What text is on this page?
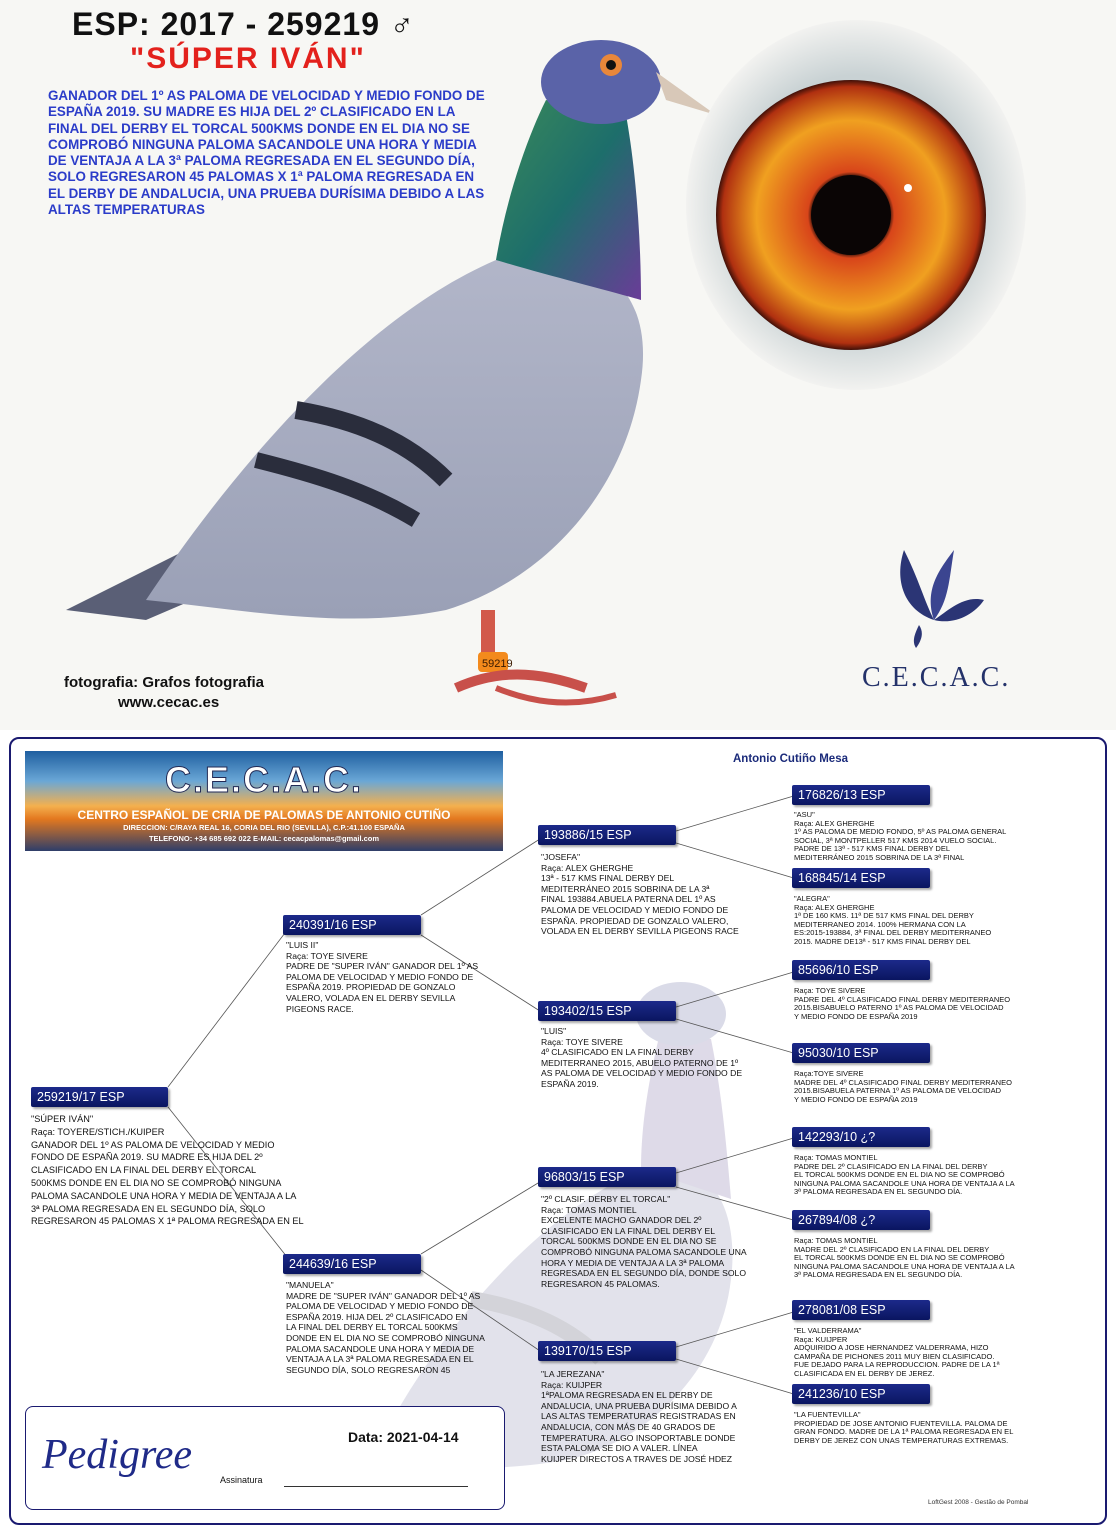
ESP: 2017 - 259219 ♂
"SÚPER IVÁN"
GANADOR DEL 1º AS PALOMA DE VELOCIDAD Y MEDIO FONDO DE ESPAÑA 2019. SU MADRE ES HIJA DEL 2º CLASIFICADO EN LA FINAL DEL DERBY EL TORCAL 500KMS DONDE EN EL DIA NO SE COMPROBÓ NINGUNA PALOMA SACANDOLE UNA HORA Y MEDIA DE VENTAJA A LA 3ª PALOMA REGRESADA EN EL SEGUNDO DÍA, SOLO REGRESARON 45 PALOMAS X 1ª PALOMA REGRESADA EN EL DERBY DE ANDALUCIA, UNA PRUEBA DURÍSIMA DEBIDO A LAS ALTAS TEMPERATURAS
59219
fotografia: Grafos fotografia
www.cecac.es
C.E.C.A.C.
C.E.C.A.C.
CENTRO ESPAÑOL DE CRIA DE PALOMAS DE ANTONIO CUTIÑO
DIRECCION: C/RAYA REAL 16, CORIA DEL RIO (SEVILLA), C.P.:41.100 ESPAÑA
TELEFONO: +34 685 692 022 E-MAIL: cecacpalomas@gmail.com
Antonio Cutiño Mesa
259219/17 ESP
"SÚPER IVÁN"
Raça: TOYERE/STICH./KUIPER
GANADOR DEL 1º AS PALOMA DE VELOCIDAD Y MEDIO
FONDO DE ESPAÑA 2019. SU MADRE ES HIJA DEL 2º
CLASIFICADO EN LA FINAL DEL DERBY EL TORCAL
500KMS DONDE EN EL DIA NO SE COMPROBÓ NINGUNA
PALOMA SACANDOLE UNA HORA Y MEDIA DE VENTAJA A LA
3ª PALOMA REGRESADA EN EL SEGUNDO DÍA, SOLO
REGRESARON 45 PALOMAS X 1ª PALOMA REGRESADA EN EL
240391/16 ESP
"LUIS II"
Raça: TOYE SIVERE
PADRE DE "SUPER IVÁN" GANADOR DEL 1º AS
PALOMA DE VELOCIDAD Y MEDIO FONDO DE
ESPAÑA 2019. PROPIEDAD DE GONZALO
VALERO, VOLADA EN EL DERBY SEVILLA
PIGEONS RACE.
244639/16 ESP
"MANUELA"
MADRE DE "SUPER IVÁN" GANADOR DEL 1º AS
PALOMA DE VELOCIDAD Y MEDIO FONDO DE
ESPAÑA 2019. HIJA DEL 2º CLASIFICADO EN
LA FINAL DEL DERBY EL TORCAL 500KMS
DONDE EN EL DIA NO SE COMPROBÓ NINGUNA
PALOMA SACANDOLE UNA HORA Y MEDIA DE
VENTAJA A LA 3ª PALOMA REGRESADA EN EL
SEGUNDO DÍA, SOLO REGRESARON 45
193886/15 ESP
"JOSEFA"
Raça: ALEX GHERGHE
13ª - 517 KMS FINAL DERBY DEL
MEDITERRÁNEO 2015 SOBRINA DE LA 3ª
FINAL 193884.ABUELA PATERNA DEL 1º AS
PALOMA DE VELOCIDAD Y MEDIO FONDO DE
ESPAÑA. PROPIEDAD DE GONZALO VALERO,
VOLADA EN EL DERBY SEVILLA PIGEONS RACE
193402/15 ESP
"LUIS"
Raça: TOYE SIVERE
4º CLASIFICADO EN LA FINAL DERBY
MEDITERRANEO 2015, ABUELO PATERNO DE 1º
AS PALOMA DE VELOCIDAD Y MEDIO FONDO DE
ESPAÑA 2019.
96803/15 ESP
"2º CLASIF. DERBY EL TORCAL"
Raça: TOMAS MONTIEL
EXCELENTE MACHO GANADOR DEL 2º
CLASIFICADO EN LA FINAL DEL DERBY EL
TORCAL 500KMS DONDE EN EL DIA NO SE
COMPROBÓ NINGUNA PALOMA SACANDOLE UNA
HORA Y MEDIA DE VENTAJA A LA 3ª PALOMA
REGRESADA EN EL SEGUNDO DÍA, DONDE SOLO
REGRESARON 45 PALOMAS.
139170/15 ESP
"LA JEREZANA"
Raça: KUIJPER
1ªPALOMA REGRESADA EN EL DERBY DE
ANDALUCIA, UNA PRUEBA DURÍSIMA DEBIDO A
LAS ALTAS TEMPERATURAS REGISTRADAS EN
ANDALUCIA, CON MÁS DE 40 GRADOS DE
TEMPERATURA. ALGO INSOPORTABLE DONDE
ESTA PALOMA SE DIO A VALER. LÍNEA
KUIJPER DIRECTOS A TRAVES DE JOSÉ HDEZ
176826/13 ESP
"ASU"
Raça: ALEX GHERGHE
1º AS PALOMA DE MEDIO FONDO, 5º AS PALOMA GENERAL
SOCIAL, 3ª MONTPELLER 517 KMS 2014 VUELO SOCIAL.
PADRE DE 13ª - 517 KMS FINAL DERBY DEL
MEDITERRÁNEO 2015 SOBRINA DE LA 3ª FINAL
168845/14 ESP
"ALEGRA"
Raça: ALEX GHERGHE
1ª DE 160 KMS. 11ª DE 517 KMS FINAL DEL DERBY
MEDITERRANEO 2014. 100% HERMANA CON LA
ES:2015-193884, 3ª FINAL DEL DERBY MEDITERRANEO
2015. MADRE DE13ª - 517 KMS FINAL DERBY DEL
85696/10 ESP
Raça: TOYE SIVERE
PADRE DEL 4º CLASIFICADO FINAL DERBY MEDITERRANEO
2015.BISABUELO PATERNO 1º AS PALOMA DE VELOCIDAD
Y MEDIO FONDO DE ESPAÑA 2019
95030/10 ESP
Raça:TOYE SIVERE
MADRE DEL 4º CLASIFICADO FINAL DERBY MEDITERRANEO
2015.BISABUELA PATERNA 1º AS PALOMA DE VELOCIDAD
Y MEDIO FONDO DE ESPAÑA 2019
142293/10 ¿?
Raça: TOMAS MONTIEL
PADRE DEL 2º CLASIFICADO EN LA FINAL DEL DERBY
EL TORCAL 500KMS DONDE EN EL DIA NO SE COMPROBÓ
NINGUNA PALOMA SACANDOLE UNA HORA DE VENTAJA A LA
3ª PALOMA REGRESADA EN EL SEGUNDO DÍA.
267894/08 ¿?
Raça: TOMAS MONTIEL
MADRE DEL 2º CLASIFICADO EN LA FINAL DEL DERBY
EL TORCAL 500KMS DONDE EN EL DIA NO SE COMPROBÓ
NINGUNA PALOMA SACANDOLE UNA HORA DE VENTAJA A LA
3ª PALOMA REGRESADA EN EL SEGUNDO DÍA.
278081/08 ESP
"EL VALDERRAMA"
Raça: KUIJPER
ADQUIRIDO A JOSE HERNANDEZ VALDERRAMA, HIZO
CAMPAÑA DE PICHONES 2011 MUY BIEN CLASIFICADO.
FUE DEJADO PARA LA REPRODUCCION. PADRE DE LA 1ª
CLASIFICADA EN EL DERBY DE JEREZ.
241236/10 ESP
"LA FUENTEVILLA"
PROPIEDAD DE JOSE ANTONIO FUENTEVILLA. PALOMA DE
GRAN FONDO. MADRE DE LA 1ª PALOMA REGRESADA EN EL
DERBY DE JEREZ CON UNAS TEMPERATURAS EXTREMAS.
Pedigree	Data: 2021-04-14
Assinatura
LoftGest 2008 - Gestão de Pombal
